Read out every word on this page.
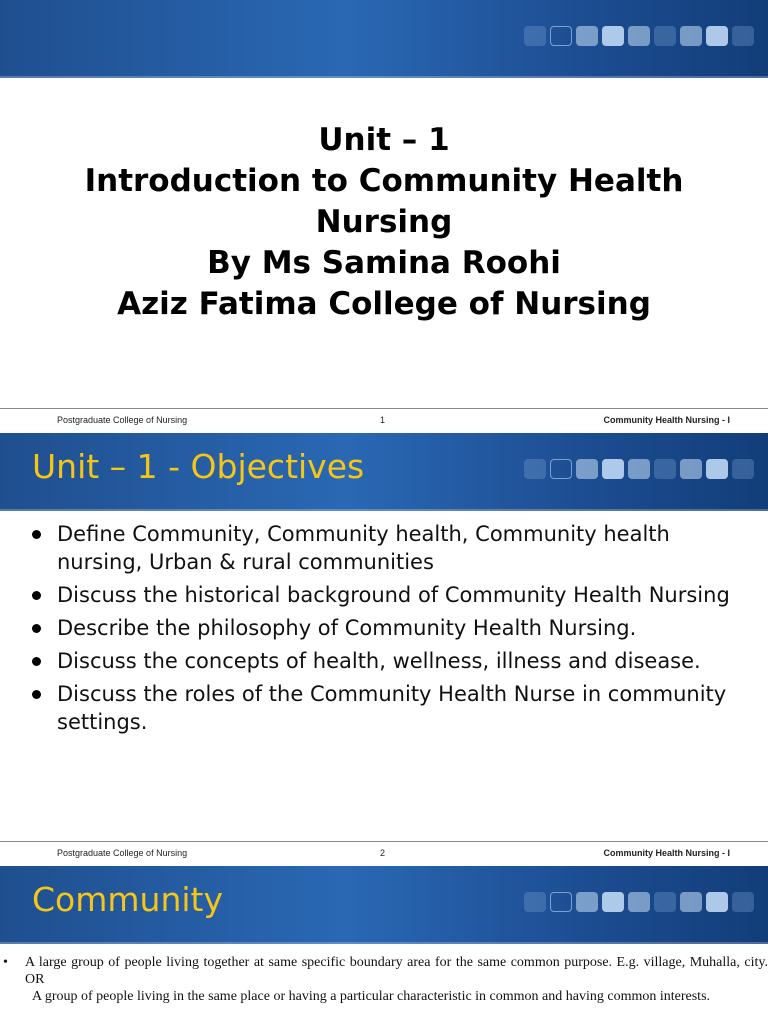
Unit – 1
Introduction to Community Health
Nursing
By Ms Samina Roohi
Aziz Fatima College of Nursing
Postgraduate College of Nursing	1	Community Health Nursing - I
Unit – 1 - Objectives
Define Community, Community health, Community health nursing, Urban & rural communities
Discuss the historical background of Community Health Nursing
Describe the philosophy of Community Health Nursing.
Discuss the concepts of health, wellness, illness and disease.
Discuss the roles of the Community Health Nurse in community settings.
Postgraduate College of Nursing	2	Community Health Nursing - I
Community
•	A large group of people living together at same specific boundary area for the same common purpose. E.g. village, Muhalla, city. OR
A group of people living in the same place or having a particular characteristic in common and having common interests.
